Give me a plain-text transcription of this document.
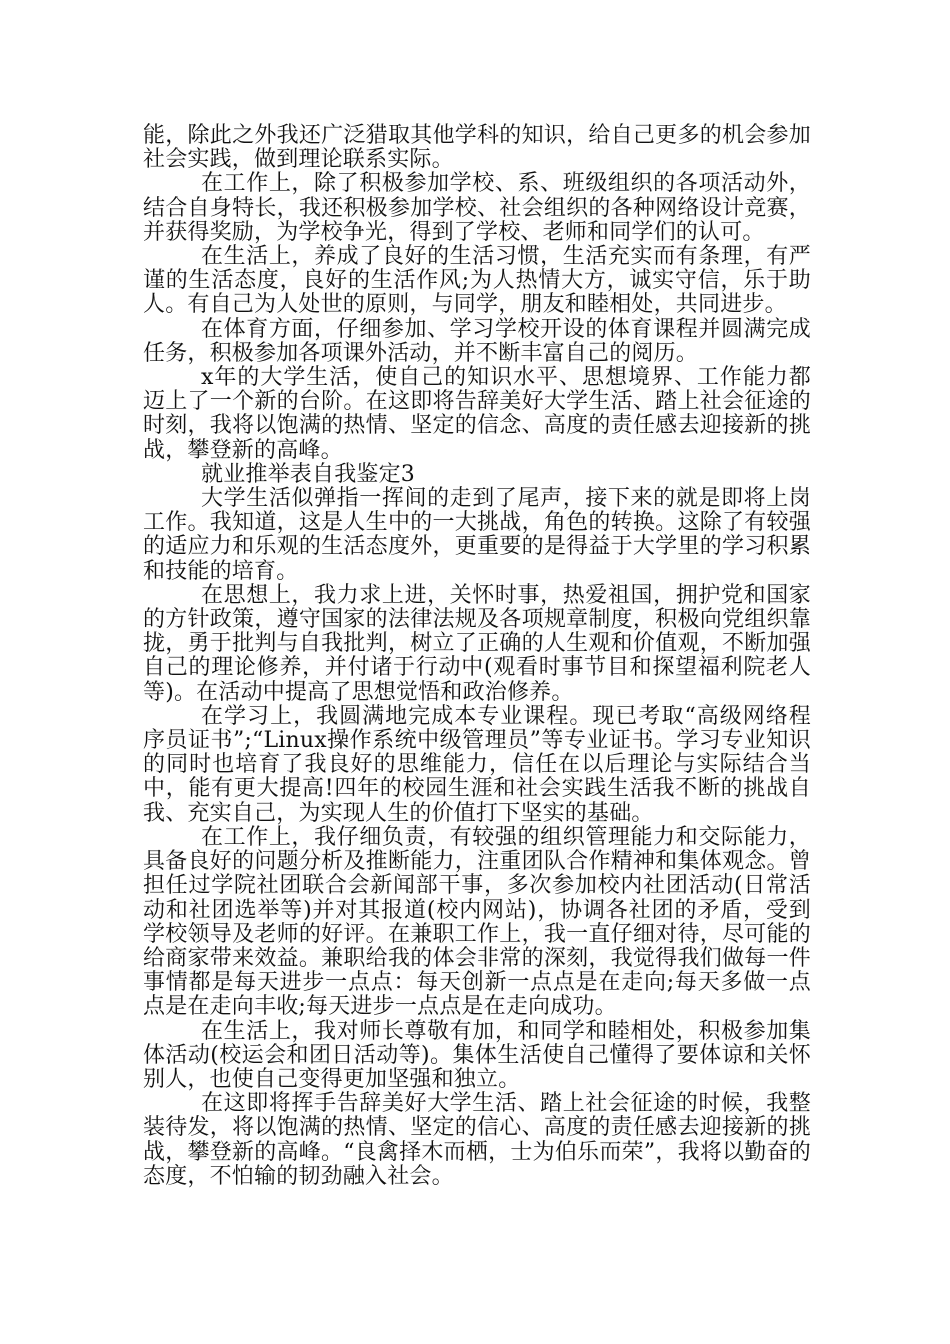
能，除此之外我还广泛猎取其他学科的知识，给自己更多的机会参加社会实践，做到理论联系实际。

在工作上，除了积极参加学校、系、班级组织的各项活动外，结合自身特长，我还积极参加学校、社会组织的各种网络设计竞赛，并获得奖励，为学校争光，得到了学校、老师和同学们的认可。

在生活上，养成了良好的生活习惯，生活充实而有条理，有严谨的生活态度，良好的生活作风;为人热情大方，诚实守信，乐于助人。有自己为人处世的原则，与同学，朋友和睦相处，共同进步。

在体育方面，仔细参加、学习学校开设的体育课程并圆满完成任务，积极参加各项课外活动，并不断丰富自己的阅历。

x年的大学生活，使自己的知识水平、思想境界、工作能力都迈上了一个新的台阶。在这即将告辞美好大学生活、踏上社会征途的时刻，我将以饱满的热情、坚定的信念、高度的责任感去迎接新的挑战，攀登新的高峰。

就业推举表自我鉴定3

大学生活似弹指一挥间的走到了尾声，接下来的就是即将上岗工作。我知道，这是人生中的一大挑战，角色的转换。这除了有较强的适应力和乐观的生活态度外，更重要的是得益于大学里的学习积累和技能的培育。

在思想上，我力求上进，关怀时事，热爱祖国，拥护党和国家的方针政策，遵守国家的法律法规及各项规章制度，积极向党组织靠拢，勇于批判与自我批判，树立了正确的人生观和价值观，不断加强自己的理论修养，并付诸于行动中(观看时事节目和探望福利院老人等)。在活动中提高了思想觉悟和政治修养。

在学习上，我圆满地完成本专业课程。现已考取“高级网络程序员证书”;“Linux操作系统中级管理员”等专业证书。学习专业知识的同时也培育了我良好的思维能力，信任在以后理论与实际结合当中，能有更大提高!四年的校园生涯和社会实践生活我不断的挑战自我、充实自己，为实现人生的价值打下坚实的基础。

在工作上，我仔细负责，有较强的组织管理能力和交际能力，具备良好的问题分析及推断能力，注重团队合作精神和集体观念。曾担任过学院社团联合会新闻部干事，多次参加校内社团活动(日常活动和社团选举等)并对其报道(校内网站)，协调各社团的矛盾，受到学校领导及老师的好评。在兼职工作上，我一直仔细对待，尽可能的给商家带来效益。兼职给我的体会非常的深刻，我觉得我们做每一件事情都是每天进步一点点：每天创新一点点是在走向;每天多做一点点是在走向丰收;每天进步一点点是在走向成功。

在生活上，我对师长尊敬有加，和同学和睦相处，积极参加集体活动(校运会和团日活动等)。集体生活使自己懂得了要体谅和关怀别人，也使自己变得更加坚强和独立。

在这即将挥手告辞美好大学生活、踏上社会征途的时候，我整装待发，将以饱满的热情、坚定的信心、高度的责任感去迎接新的挑战，攀登新的高峰。“良禽择木而栖，士为伯乐而荣”，我将以勤奋的态度，不怕输的韧劲融入社会。
